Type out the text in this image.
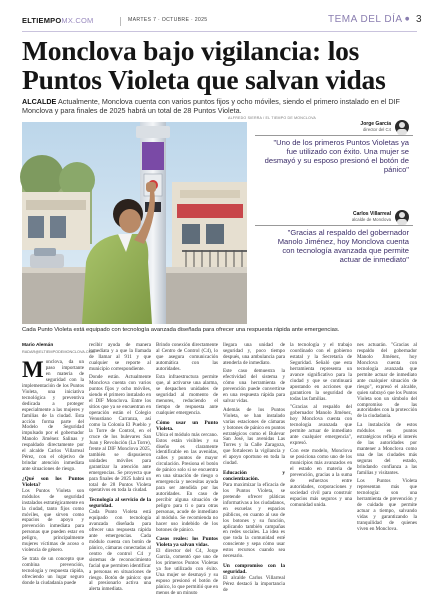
ELTIEMPOMX.COM	MARTES 7 · OCTUBRE · 2025	TEMA DEL DÍA ● 3
Monclova bajo vigilancia: los Puntos Violeta que salvan vidas

ALCALDE Actualmente, Monclova cuenta con varios puntos fijos y ocho móviles, siendo el primero instalado en el DIF Monclova y para finales de 2025 habrá un total de 28 Puntos Violeta.

ALFREDO SIERRA / EL TIEMPO DE MONCLOVA
Cada Punto Violeta está equipado con tecnología avanzada diseñada para ofrecer una respuesta rápida ante emergencias.
Jorge García
director del C4
"Uno de los primeros Puntos Violetas ya fue utilizado con éxito. Una mujer se desmayó y su esposo presionó el botón de pánico"
Carlos Villarreal
alcalde de Monclova
"Gracias al respaldo del gobernador Manolo Jiménez, hoy Monclova cuenta con tecnología avanzada que permite actuar de inmediato"
Mario Alemán
RADAR@ELTIEMPODEMONCLOVA.COM

Monclova, da un paso importante en materia de seguridad con la implementación de los Puntos Violeta, una iniciativa tecnológica y preventiva dedicada a proteger especialmente a las mujeres y familias de la ciudad. Esta acción forma parte del Modelo de Seguridad impulsado por el gobernador Manolo Jiménez Salinas y respaldado directamente por el alcalde Carlos Villarreal Pérez, con el objetivo de brindar atención inmediata ante situaciones de riesgo.

¿Qué son los Puntos Violeta?

Los Puntos Violeta son módulos de seguridad instalados estratégicamente en la ciudad, tanto fijos como móviles, que sirven como espacios de apoyo y prevención inmediata para personas que pueden estar en peligro, principalmente mujeres víctimas de acoso o violencia de género.

Se trata de un concepto que combina prevención, tecnología y respuesta rápida, ofreciendo un lugar seguro donde la ciudadanía puede

recibir ayuda de manera inmediata y a que la llamada de llamar al 911 y que cualquier se reporte al municipio correspondiente.

Donde están. Actualmente Monclova cuenta con varios puntos fijos y ocho móviles, siendo el primero instalado en el DIF Monclova. Entre los sitios que ya se encuentran en operación están el Colegio Venustiano Carranza, así como la Colonia El Pueblo y la Torre de Control, en el cruce de los bulevares San Juan y Revolución (La Torre), frente al DIF Monclova 2025, también se dispusieron unidades móviles para garantizar la atención ante emergencias. Se proyecta que para finales de 2025 habrá un total de 28 Puntos Violeta operativos en toda la ciudad.

Tecnología al servicio de la seguridad.

Cada Punto Violeta está equipado con tecnología avanzada diseñada para ofrecer una respuesta rápida ante emergencias. Cada módulo cuenta con botón de pánico, cámaras conectadas al centro de control C4 y sistemas de reconocimiento facial que permiten identificar a personas en situaciones de riesgo. Botón de pánico: que al presionarlo activa una alerta inmediata.

Brindo conexión directamente al Centro de Control (C4), lo que asegura comunicación automática con las autoridades.

Esta infraestructura permite que, al activarse una alarma, se despachen unidades de seguridad al momento de menores, reduciendo el tiempo de respuesta ante cualquier emergencia.

Cómo usar un Punto Violeta.

Ubica el módulo más cercano. Estos están visibles y su diseño es claramente identificable en las avenidas, calles y puntos de mayor circulación. Presiona el botón de pánico solo si se encuentra en una situación de riesgo o emergencia y necesitas ayuda para ser atendida por las autoridades. En caso de percibir alguna situación de peligro para ti o para otras personas, acude de inmediato al módulo. Se recomienda no hacer uso indebido de los botones de pánico.

Casos reales: los Puntos Violeta ya salvan vidas.

El director del C4, Jorge García, comentó que uno de los primeros Puntos Violetas ya fue utilizado con éxito. Una mujer se desmayó y su esposo presionó el botón de pánico, lo que permitió que en menos de un minuto

llegara una unidad de seguridad y, poco tiempo después, una ambulancia para atenderla de inmediato.

Este caso demuestra la efectividad del sistema y cómo una herramienta de prevención puede convertirse en una respuesta rápida para salvar vidas.

Además de los Puntos Violeta, se han instalado varias estaciones de cámaras y botones de pánico en puntos estratégicos como el Bulevar San José, las avenidas Las Torres y la Calle Zaragoza, que fortalecen la vigilancia y el apoyo oportuno en toda la ciudad.

Educación y concientización.

Para maximizar la eficacia de los Puntos Violeta, se pretende ofrecer pláticas informativas a los ciudadanos, en escuelas y espacios públicos, en cuanto al uso de los botones y su función, aplicando también campañas en redes sociales. La idea es que toda la comunidad esté consciente y sepa cómo usar estos recursos cuando sea necesario.

Un compromiso con la seguridad.

El alcalde Carlos Villarreal Pérez destacó la importancia de

la tecnología y el trabajo coordinado con el gobierno estatal y la Secretaría de Seguridad. Señaló que esta herramienta representa un avance significativo para la ciudad y que se continuará apostando en acciones que garanticen la seguridad de todas las familias.

"Gracias al respaldo del gobernador Manolo Jiménez, hoy Monclova cuenta con tecnología avanzada que permite actuar de inmediato ante cualquier emergencia", expresó.

Con este modelo, Monclova se posiciona como uno de los municipios más avanzados en el estado en materia de prevención, gracias a la suma de esfuerzos entre autoridades, corporaciones y sociedad civil para construir espacios más seguros y una comunidad unida.

nes actuarán. "Gracias al respaldo del gobernador Manolo Jiménez, hoy Monclova cuenta con tecnología avanzada que permite actuar de inmediato ante cualquier situación de riesgo", expresó el alcalde, quien subrayó que los Puntos Violeta son un símbolo del compromiso de las autoridades con la protección de la ciudadanía.

La instalación de estos módulos en puntos estratégicos refleja el interés de las autoridades por mantener a Monclova como una de las ciudades más seguras del estado, brindando confianza a las familias y visitantes.

Los Puntos Violeta representan más que tecnología: son una herramienta de prevención y de cuidado que permite actuar a tiempo, salvando vidas y garantizando la tranquilidad de quienes viven en Monclova.
